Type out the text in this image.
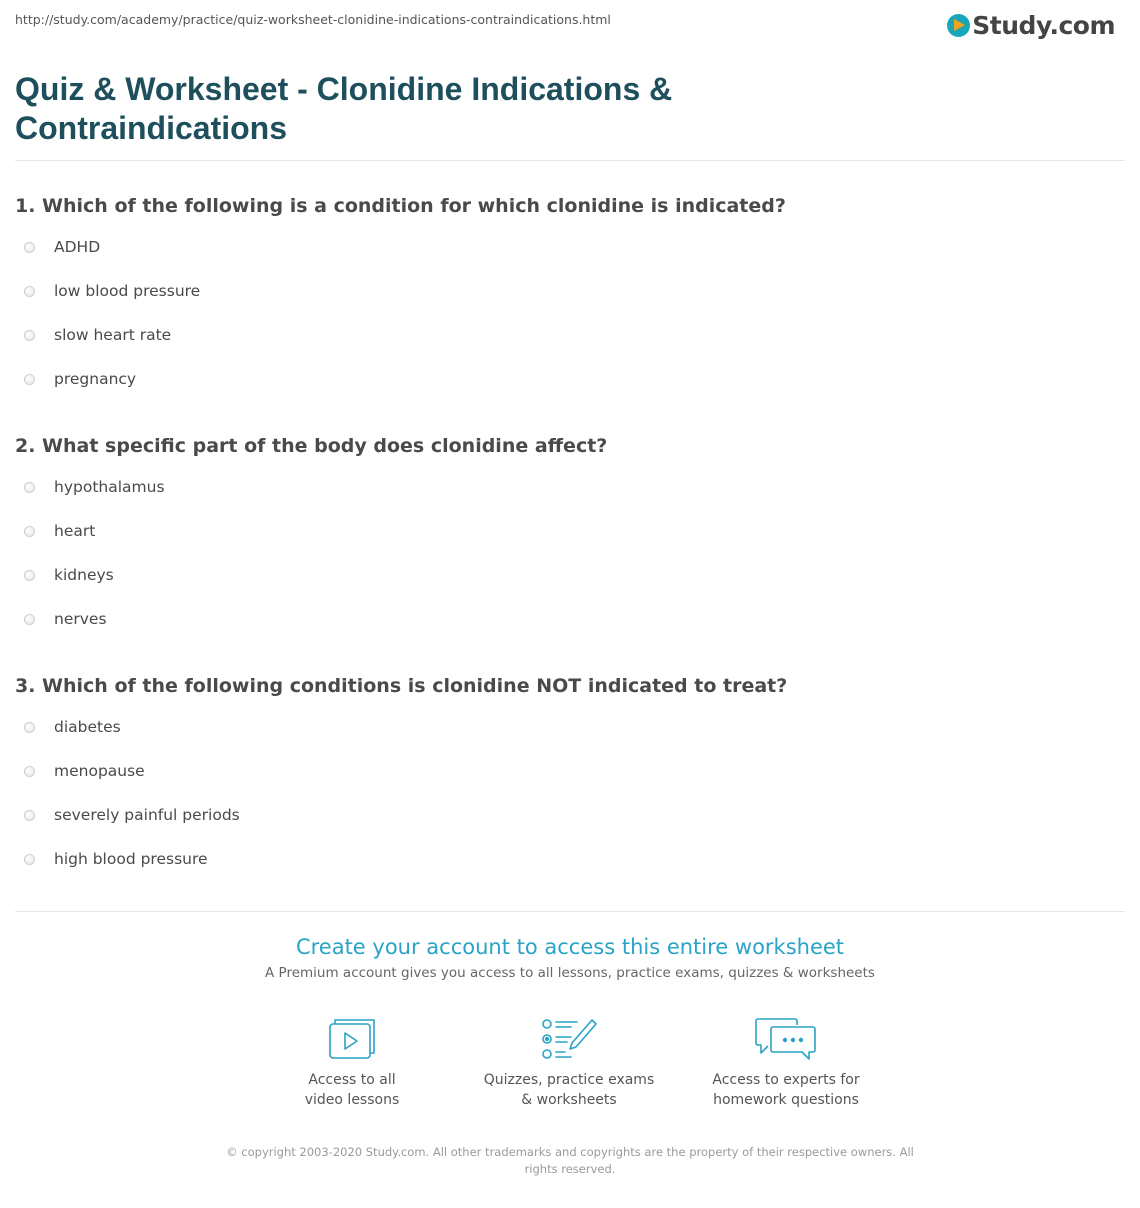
http://study.com/academy/practice/quiz-worksheet-clonidine-indications-contraindications.html	Study.com
Quiz & Worksheet - Clonidine Indications & Contraindications

1. Which of the following is a condition for which clonidine is indicated?

ADHD
low blood pressure
slow heart rate
pregnancy

2. What specific part of the body does clonidine affect?

hypothalamus
heart
kidneys
nerves

3. Which of the following conditions is clonidine NOT indicated to treat?

diabetes
menopause
severely painful periods
high blood pressure

Create your account to access this entire worksheet

A Premium account gives you access to all lessons, practice exams, quizzes & worksheets
Access to all
video lessons
Quizzes, practice exams
& worksheets
Access to experts for
homework questions
© copyright 2003-2020 Study.com. All other trademarks and copyrights are the property of their respective owners. All rights reserved.
